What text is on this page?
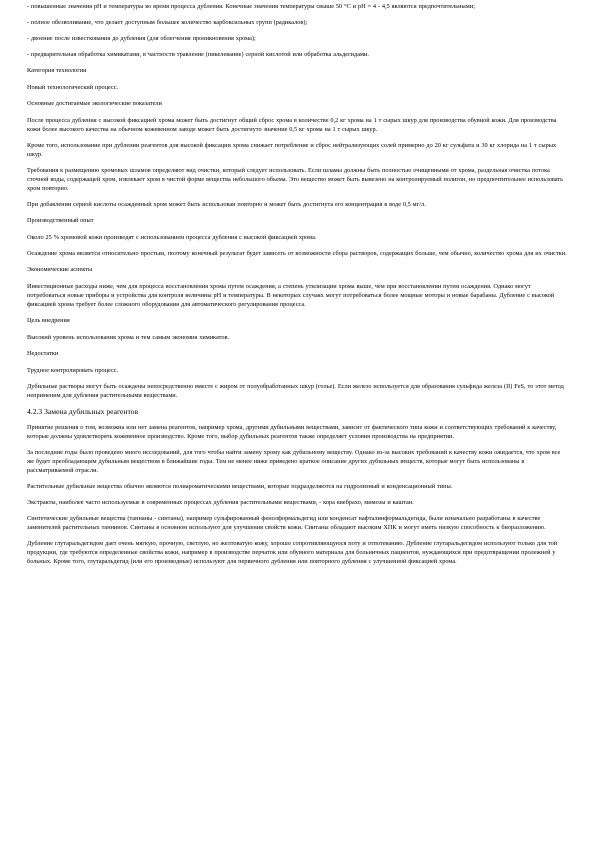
- повышенные значения pH и температуры во время процесса дубления. Конечные значения температуры свыше 50 °C и pH = 4 - 4,5 являются предпочтительными;

- полное обезволивание, что делает доступным большее количество карбоксильных групп (радикалов);

- двоение после известкования до дубления (для облегчения проникновения хрома);

- предварительная обработка химикатами, в частности травление (пикелевание) серной кислотой или обработка альдегидами.

Категория технологии

Новый технологический процесс.

Основные достигаемые экологические показатели

После процесса дубления с высокой фиксацией хрома может быть достигнут общий сброс хрома в количестве 0,2 кг хрома на 1 т сырых шкур для производства обувной кожи. Для производства кожи более высокого качества на обычном кожевенном заводе может быть достигнуто значение 0,5 кг хрома на 1 т сырых шкур.

Кроме того, использование при дублении реагентов для высокой фиксации хрома снижает потребление и сброс нейтрализующих солей примерно до 20 кг сульфата и 30 кг хлорида на 1 т сырых шкур.

Требования к размещению хромовых шламов определяют вид очистки, который следует использовать. Если шламы должны быть полностью очищенными от хрома, раздельная очистка потока сточной воды, содержащей хром, извлекает хром в чистой форме вещества небольшого объема. Это вещество может быть вывезено на контролируемый полигон, но предпочтительнее использовать хром повторно.

При добавлении серной кислоты осажденный хром может быть использован повторно и может быть достигнута его концентрация в воде 0,5 мг/л.

Производственный опыт

Около 25 % хромовой кожи производят с использованием процесса дубления с высокой фиксацией хрома.

Осаждение хрома является относительно простым, поэтому конечный результат будет зависеть от возможности сбора растворов, содержащих больше, чем обычно, количество хрома для их очистки.

Экономические аспекты

Инвестиционные расходы ниже, чем для процесса восстановления хрома путем осаждения, а степень утилизации хрома выше, чем при восстановлении путем осаждения. Однако могут потребоваться новые приборы и устройства для контроля величины pH и температуры. В некоторых случаях могут потребоваться более мощные моторы и новые барабаны. Дубление с высокой фиксацией хрома требует более сложного оборудования для автоматического регулирования процесса.

Цель внедрения

Высокий уровень использования хрома и тем самым экономия химикатов.

Недостатки

Трудное контролировать процесс.

Дубильные растворы могут быть осаждены непосредственно вместе с жиром от полуобработанных шкур (голье). Если железо используется для образования сульфида железа (II) FeS, то этот метод неприменим для дубления растительными веществами.

4.2.3 Замена дубильных реагентов

Принятие решения о том, возможна или нет замена реагентов, например хрома, другими дубильными веществами, зависит от фактического типа кожи и соответствующих требований к качеству, которые должны удовлетворять кожевенное производство. Кроме того, выбор дубильных реагентов также определяет условия производства на предприятии.

За последние годы было проведено много исследований, для того чтобы найти замену хрому как дубильному веществу. Однако из-за высоких требований к качеству кожи ожидается, что хром все же будет преобладающим дубильным веществом в ближайшие годы. Тем не менее ниже приведено краткое описание других дубильных веществ, которые могут быть использованы в рассматриваемой отрасли.

Растительные дубильные вещества обычно являются полиароматическими веществами, которые подразделяются на гидролизный и конденсационный типы.

Экстракты, наиболее часто используемые в современных процессах дубления растительными веществами, - кора квебрахо, мимозы и каштан.

Синтетические дубильные вещества (таннаны - синтаны), например сульфированный фенолформальдегид или конденсат нафталинформальдегида, были изначально разработаны в качестве заменителей растительных таннинов. Синтаны в основном используют для улучшения свойств кожи. Синтаны обладают высоким ХПК и могут иметь низкую способность к биоразложению.

Дубление глутаральдегидом дает очень мягкую, прочную, светлую, но желтоватую кожу, хорошо сопротивляющуюся поту и отпотеванию. Дубление глутаральдегидом используют только для той продукции, где требуются определенные свойства кожи, например в производстве перчаток или обувного материала для больничных пациентов, нуждающихся при предотвращении пролежней у больных. Кроме того, глутаральдегид (или его производные) используют для первичного дубления или повторного дубления с улучшенной фиксацией хрома.
